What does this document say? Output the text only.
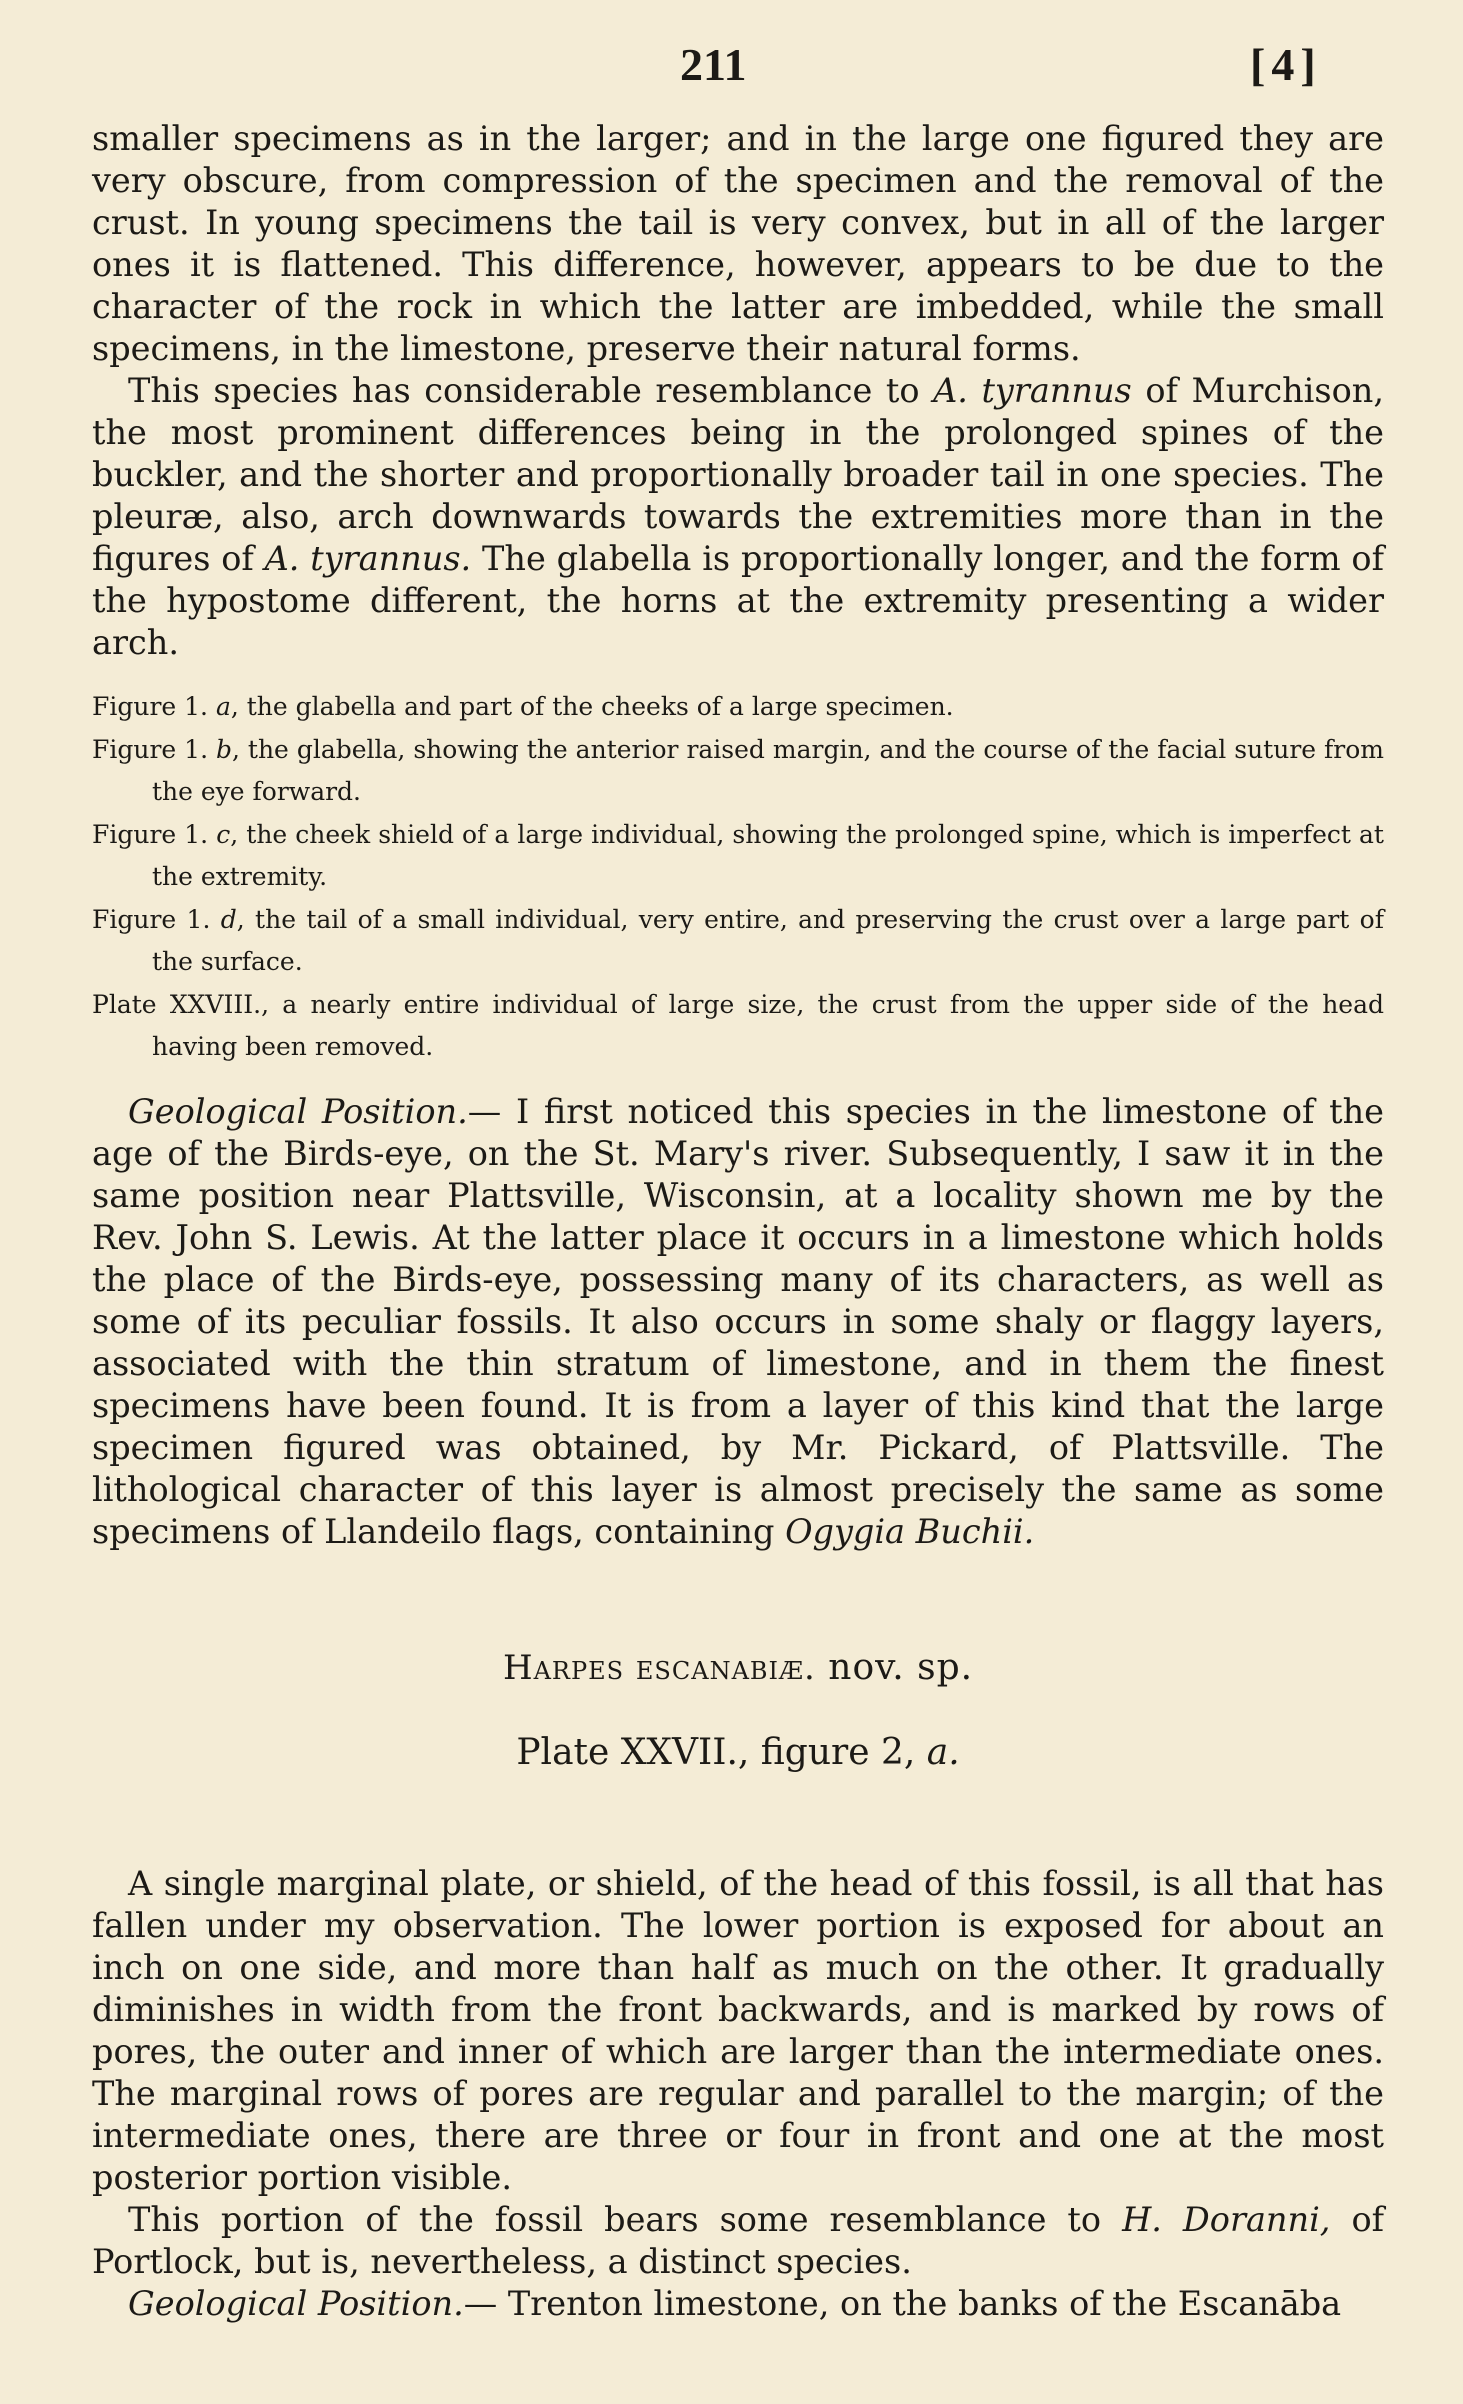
211	[4]

smaller specimens as in the larger; and in the large one figured they are very obscure, from compression of the specimen and the removal of the crust. In young specimens the tail is very convex, but in all of the larger ones it is flattened. This difference, however, appears to be due to the character of the rock in which the latter are imbedded, while the small specimens, in the limestone, preserve their natural forms.

This species has considerable resemblance to A. tyrannus of Murchison, the most prominent differences being in the prolonged spines of the buckler, and the shorter and proportionally broader tail in one species. The pleuræ, also, arch downwards towards the extremities more than in the figures of A. tyrannus. The glabella is proportionally longer, and the form of the hypostome different, the horns at the extremity presenting a wider arch.

Figure 1. a, the glabella and part of the cheeks of a large specimen.

Figure 1. b, the glabella, showing the anterior raised margin, and the course of the facial suture from the eye forward.

Figure 1. c, the cheek shield of a large individual, showing the prolonged spine, which is imperfect at the extremity.

Figure 1. d, the tail of a small individual, very entire, and preserving the crust over a large part of the surface.

Plate XXVIII., a nearly entire individual of large size, the crust from the upper side of the head having been removed.

Geological Position.— I first noticed this species in the limestone of the age of the Birds-eye, on the St. Mary's river. Subsequently, I saw it in the same position near Plattsville, Wisconsin, at a locality shown me by the Rev. John S. Lewis. At the latter place it occurs in a limestone which holds the place of the Birds-eye, possessing many of its characters, as well as some of its peculiar fossils. It also occurs in some shaly or flaggy layers, associated with the thin stratum of limestone, and in them the finest specimens have been found. It is from a layer of this kind that the large specimen figured was obtained, by Mr. Pickard, of Plattsville. The lithological character of this layer is almost precisely the same as some specimens of Llandeilo flags, containing Ogygia Buchii.

Harpes escanabiæ. nov. sp.
Plate XXVII., figure 2, a.

A single marginal plate, or shield, of the head of this fossil, is all that has fallen under my observation. The lower portion is exposed for about an inch on one side, and more than half as much on the other. It gradually diminishes in width from the front backwards, and is marked by rows of pores, the outer and inner of which are larger than the intermediate ones. The marginal rows of pores are regular and parallel to the margin; of the intermediate ones, there are three or four in front and one at the most posterior portion visible.

This portion of the fossil bears some resemblance to H. Doranni, of Portlock, but is, nevertheless, a distinct species.

Geological Position.— Trenton limestone, on the banks of the Escanāba
